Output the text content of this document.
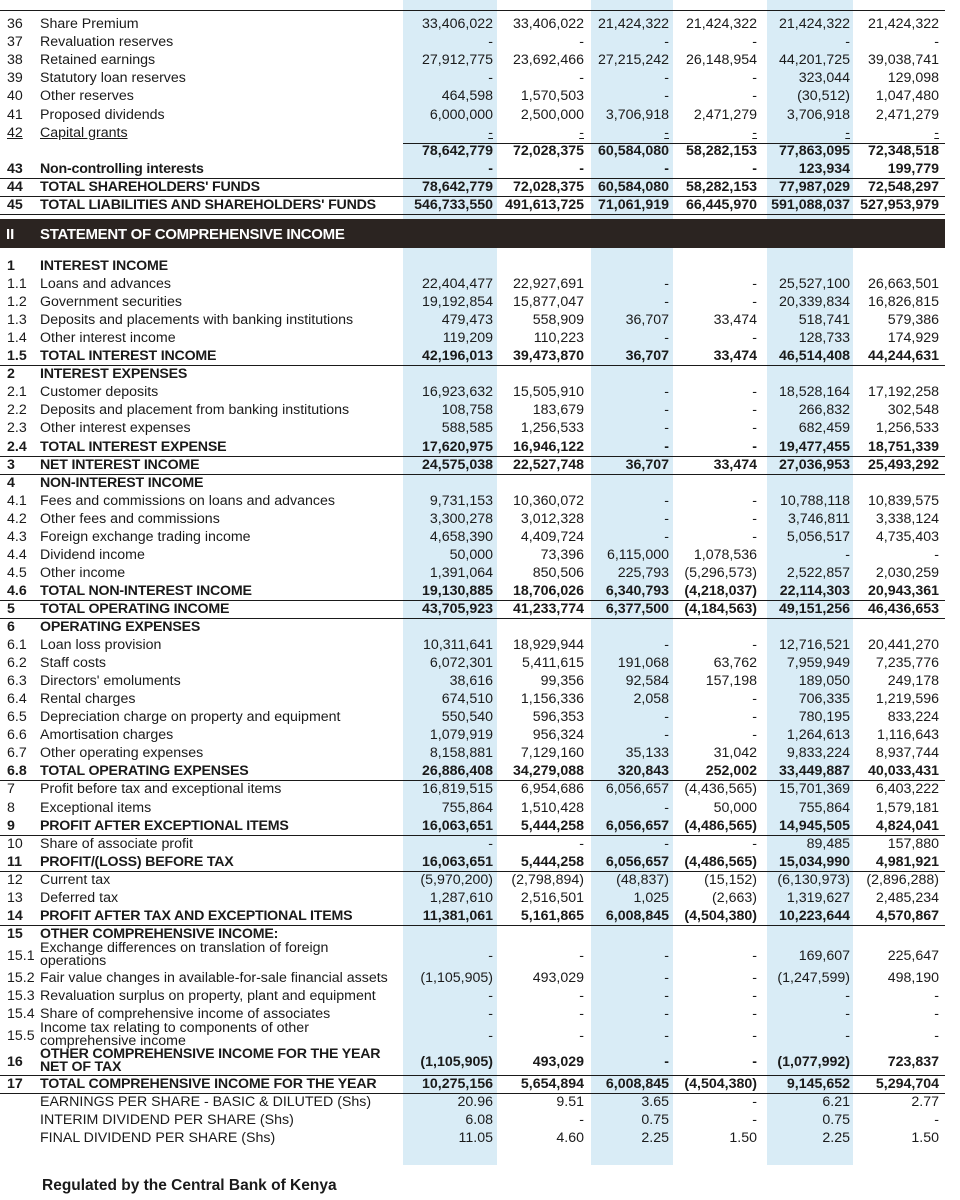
36 Share Premium	33,406,022 33,406,022 21,424,322 21,424,322 21,424,322 21,424,322
37 Revaluation reserves	-	-	-	-	-	-
38 Retained earnings	27,912,775 23,692,466 27,215,242 26,148,954 44,201,725 39,038,741
39 Statutory loan reserves	-	-	-	-	323,044	129,098
40 Other reserves	464,598 1,570,503	-	-	(30,512) 1,047,480
41 Proposed dividends	6,000,000 2,500,000 3,706,918 2,471,279 3,706,918 2,471,279
42 Capital grants	-	-	-	-	-	-
78,642,779 72,028,375 60,584,080 58,282,153 77,863,095 72,348,518
43 Non-controlling interests	-	-	-	-	123,934	199,779
44 TOTAL SHAREHOLDERS' FUNDS	78,642,779 72,028,375 60,584,080 58,282,153 77,987,029 72,548,297
45 TOTAL LIABILITIES AND SHAREHOLDERS' FUNDS	546,733,550 491,613,725 71,061,919 66,445,970 591,088,037 527,953,979
II STATEMENT OF COMPREHENSIVE INCOME
1 INTEREST INCOME
1.1 Loans and advances	22,404,477 22,927,691	-	- 25,527,100 26,663,501
1.2 Government securities	19,192,854 15,877,047	-	- 20,339,834 16,826,815
1.3 Deposits and placements with banking institutions	479,473	558,909	36,707	33,474	518,741	579,386
1.4 Other interest income	119,209	110,223	-	-	128,733	174,929
1.5 TOTAL INTEREST INCOME	42,196,013 39,473,870	36,707	33,474 46,514,408 44,244,631
2 INTEREST EXPENSES
2.1 Customer deposits	16,923,632 15,505,910	-	- 18,528,164 17,192,258
2.2 Deposits and placement from banking institutions	108,758	183,679	-	-	266,832	302,548
2.3 Other interest expenses	588,585 1,256,533	-	-	682,459 1,256,533
2.4 TOTAL INTEREST EXPENSE	17,620,975 16,946,122	-	- 19,477,455 18,751,339
3 NET INTEREST INCOME	24,575,038 22,527,748	36,707	33,474 27,036,953 25,493,292
4 NON-INTEREST INCOME
4.1 Fees and commissions on loans and advances	9,731,153 10,360,072	-	- 10,788,118 10,839,575
4.2 Other fees and commissions	3,300,278 3,012,328	-	- 3,746,811 3,338,124
4.3 Foreign exchange trading income	4,658,390 4,409,724	-	- 5,056,517 4,735,403
4.4 Dividend income	50,000	73,396 6,115,000 1,078,536	-	-
4.5 Other income	1,391,064	850,506 225,793 (5,296,573) 2,522,857 2,030,259
4.6 TOTAL NON-INTEREST INCOME	19,130,885 18,706,026 6,340,793 (4,218,037) 22,114,303 20,943,361
5 TOTAL OPERATING INCOME	43,705,923 41,233,774 6,377,500 (4,184,563) 49,151,256 46,436,653
6 OPERATING EXPENSES
6.1 Loan loss provision	10,311,641 18,929,944	-	- 12,716,521 20,441,270
6.2 Staff costs	6,072,301 5,411,615 191,068	63,762 7,959,949 7,235,776
6.3 Directors' emoluments	38,616	99,356	92,584	157,198	189,050	249,178
6.4 Rental charges	674,510 1,156,336	2,058	-	706,335 1,219,596
6.5 Depreciation charge on property and equipment	550,540	596,353	-	-	780,195	833,224
6.6 Amortisation charges	1,079,919	956,324	-	- 1,264,613 1,116,643
6.7 Other operating expenses	8,158,881 7,129,160	35,133	31,042 9,833,224 8,937,744
6.8 TOTAL OPERATING EXPENSES	26,886,408 34,279,088 320,843	252,002 33,449,887 40,033,431
7 Profit before tax and exceptional items	16,819,515 6,954,686 6,056,657 (4,436,565) 15,701,369 6,403,222
8 Exceptional items	755,864 1,510,428	-	50,000	755,864 1,579,181
9 PROFIT AFTER EXCEPTIONAL ITEMS	16,063,651 5,444,258 6,056,657 (4,486,565) 14,945,505 4,824,041
10 Share of associate profit	-	-	-	-	89,485	157,880
11 PROFIT/(LOSS) BEFORE TAX	16,063,651 5,444,258 6,056,657 (4,486,565) 15,034,990 4,981,921
12 Current tax	(5,970,200) (2,798,894) (48,837) (15,152) (6,130,973) (2,896,288)
13 Deferred tax	1,287,610 2,516,501	1,025	(2,663) 1,319,627 2,485,234
14 PROFIT AFTER TAX AND EXCEPTIONAL ITEMS	11,381,061 5,161,865 6,008,845 (4,504,380) 10,223,644 4,570,867
15 OTHER COMPREHENSIVE INCOME:
15.1 Exchange differences on translation of foreign operations	-	-	-	-	169,607	225,647
15.2 Fair value changes in available-for-sale financial assets (1,105,905)	493,029	-	- (1,247,599)	498,190
15.3 Revaluation surplus on property, plant and equipment	-	-	-	-	-	-
15.4 Share of comprehensive income of associates	-	-	-	-	-	-
15.5 Income tax relating to components of other comprehensive income	-	-	-	-	-	-
16 OTHER COMPREHENSIVE INCOME FOR THE YEAR NET OF TAX	(1,105,905)	493,029	-	- (1,077,992)	723,837
17 TOTAL COMPREHENSIVE INCOME FOR THE YEAR	10,275,156 5,654,894 6,008,845 (4,504,380) 9,145,652 5,294,704
EARNINGS PER SHARE - BASIC & DILUTED (Shs)	20.96	9.51	3.65	-	6.21	2.77
INTERIM DIVIDEND PER SHARE (Shs)	6.08	-	0.75	-	0.75	-
FINAL DIVIDEND PER SHARE (Shs)	11.05	4.60	2.25	1.50	2.25	1.50
Regulated by the Central Bank of Kenya
